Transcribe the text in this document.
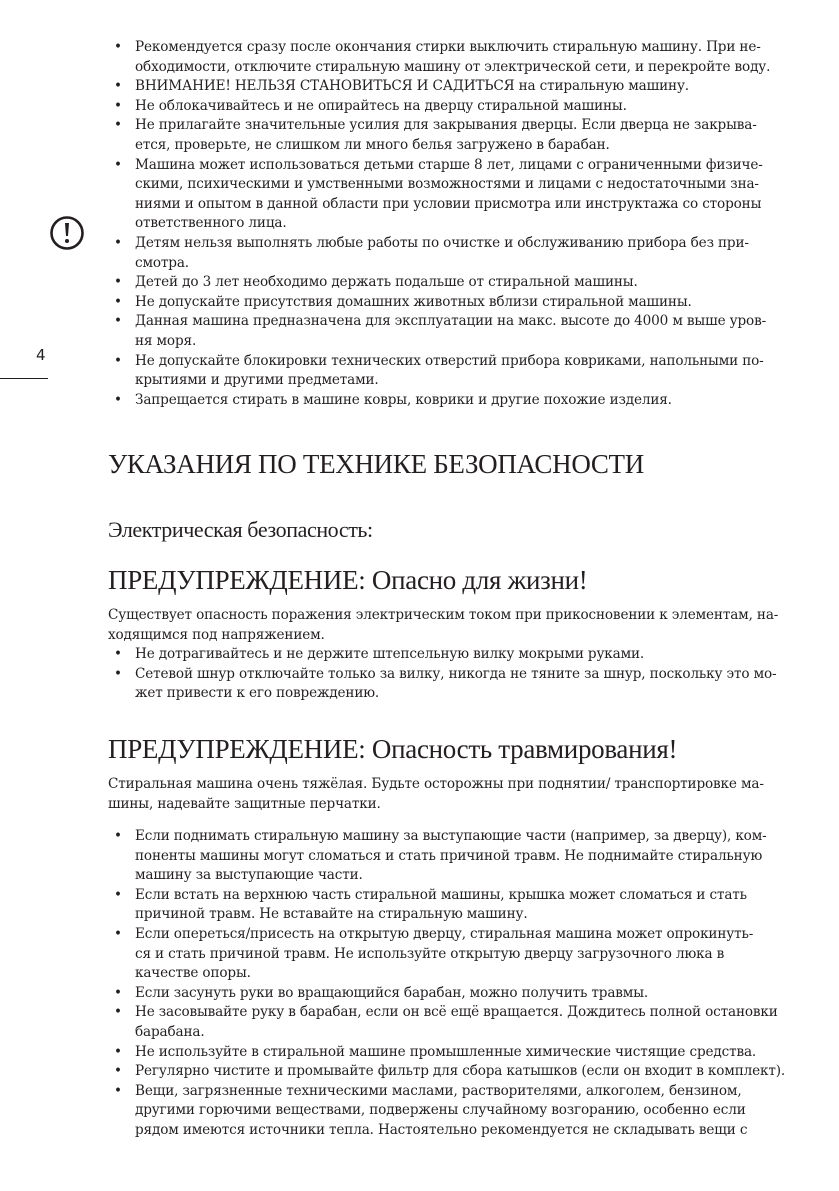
4
• Рекомендуется сразу после окончания стирки выключить стиральную машину. При не-
обходимости, отключите стиральную машину от электрической сети, и перекройте воду.
• ВНИМАНИЕ! НЕЛЬЗЯ СТАНОВИТЬСЯ И САДИТЬСЯ на стиральную машину.
• Не облокачивайтесь и не опирайтесь на дверцу стиральной машины.
• Не прилагайте значительные усилия для закрывания дверцы. Если дверца не закрыва-
ется, проверьте, не слишком ли много белья загружено в барабан.
• Машина может использоваться детьми старше 8 лет, лицами с ограниченными физиче-
скими, психическими и умственными возможностями и лицами с недостаточными зна-
ниями и опытом в данной области при условии присмотра или инструктажа со стороны
ответственного лица.
• Детям нельзя выполнять любые работы по очистке и обслуживанию прибора без при-
смотра.
• Детей до 3 лет необходимо держать подальше от стиральной машины.
• Не допускайте присутствия домашних животных вблизи стиральной машины.
• Данная машина предназначена для эксплуатации на макс. высоте до 4000 м выше уров-
ня моря.
• Не допускайте блокировки технических отверстий прибора ковриками, напольными по-
крытиями и другими предметами.
• Запрещается стирать в машине ковры, коврики и другие похожие изделия.
УКАЗАНИЯ ПО ТЕХНИКЕ БЕЗОПАСНОСТИ
Электрическая безопасность:
ПРЕДУПРЕЖДЕНИЕ: Опасно для жизни!

Существует опасность поражения электрическим током при прикосновении к элементам, на-
ходящимся под напряжением.

• Не дотрагивайтесь и не держите штепсельную вилку мокрыми руками.
• Сетевой шнур отключайте только за вилку, никогда не тяните за шнур, поскольку это мо-
жет привести к его повреждению.
ПРЕДУПРЕЖДЕНИЕ: Опасность травмирования!

Стиральная машина очень тяжёлая. Будьте осторожны при поднятии/ транспортировке ма-
шины, надевайте защитные перчатки.

• Если поднимать стиральную машину за выступающие части (например, за дверцу), ком-
поненты машины могут сломаться и стать причиной травм. Не поднимайте стиральную
машину за выступающие части.
• Если встать на верхнюю часть стиральной машины, крышка может сломаться и стать
причиной травм. Не вставайте на стиральную машину.
• Если опереться/присесть на открытую дверцу, стиральная машина может опрокинуть-
ся и стать причиной травм. Не используйте открытую дверцу загрузочного люка в
качестве опоры.
• Если засунуть руки во вращающийся барабан, можно получить травмы.
• Не засовывайте руку в барабан, если он всё ещё вращается. Дождитесь полной остановки
барабана.
• Не используйте в стиральной машине промышленные химические чистящие средства.
• Регулярно чистите и промывайте фильтр для сбора катышков (если он входит в комплект).
• Вещи, загрязненные техническими маслами, растворителями, алкоголем, бензином,
другими горючими веществами, подвержены случайному возгоранию, особенно если
рядом имеются источники тепла. Настоятельно рекомендуется не складывать вещи с
